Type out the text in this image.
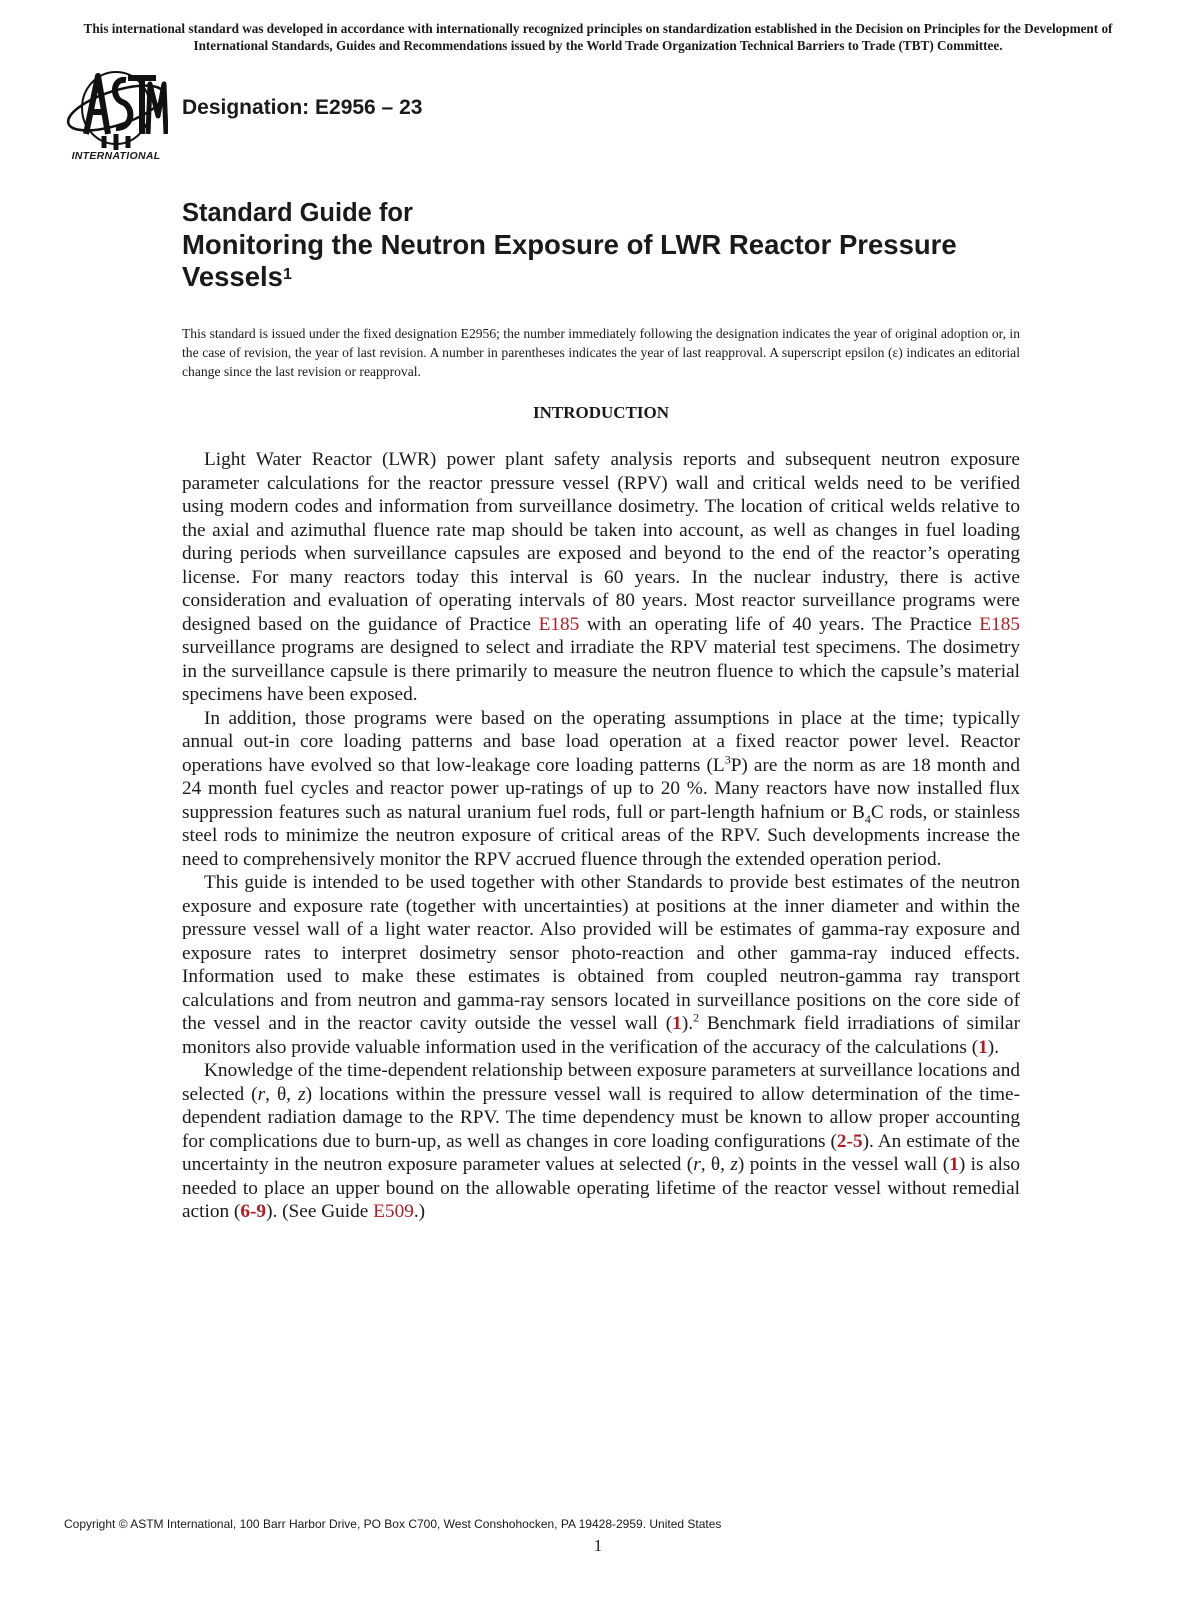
This international standard was developed in accordance with internationally recognized principles on standardization established in the Decision on Principles for the Development of International Standards, Guides and Recommendations issued by the World Trade Organization Technical Barriers to Trade (TBT) Committee.
INTERNATIONAL
Designation: E2956 – 23
Standard Guide for
Monitoring the Neutron Exposure of LWR Reactor Pressure Vessels$^1$
This standard is issued under the fixed designation E2956; the number immediately following the designation indicates the year of original adoption or, in the case of revision, the year of last revision. A number in parentheses indicates the year of last reapproval. A superscript epsilon (ε) indicates an editorial change since the last revision or reapproval.
INTRODUCTION

Light Water Reactor (LWR) power plant safety analysis reports and subsequent neutron exposure parameter calculations for the reactor pressure vessel (RPV) wall and critical welds need to be verified using modern codes and information from surveillance dosimetry. The location of critical welds relative to the axial and azimuthal fluence rate map should be taken into account, as well as changes in fuel loading during periods when surveillance capsules are exposed and beyond to the end of the reactor’s operating license. For many reactors today this interval is 60 years. In the nuclear industry, there is active consideration and evaluation of operating intervals of 80 years. Most reactor surveillance programs were designed based on the guidance of Practice E185 with an operating life of 40 years. The Practice E185 surveillance programs are designed to select and irradiate the RPV material test specimens. The dosimetry in the surveillance capsule is there primarily to measure the neutron fluence to which the capsule’s material specimens have been exposed.

In addition, those programs were based on the operating assumptions in place at the time; typically annual out-in core loading patterns and base load operation at a fixed reactor power level. Reactor operations have evolved so that low-leakage core loading patterns $(L^3P)$ are the norm as are 18 month and 24 month fuel cycles and reactor power up-ratings of up to 20 %. Many reactors have now installed flux suppression features such as natural uranium fuel rods, full or part-length hafnium or $B_4C$ rods, or stainless steel rods to minimize the neutron exposure of critical areas of the RPV. Such developments increase the need to comprehensively monitor the RPV accrued fluence through the extended operation period.

This guide is intended to be used together with other Standards to provide best estimates of the neutron exposure and exposure rate (together with uncertainties) at positions at the inner diameter and within the pressure vessel wall of a light water reactor. Also provided will be estimates of gamma-ray exposure and exposure rates to interpret dosimetry sensor photo-reaction and other gamma-ray induced effects. Information used to make these estimates is obtained from coupled neutron-gamma ray transport calculations and from neutron and gamma-ray sensors located in surveillance positions on the core side of the vessel and in the reactor cavity outside the vessel wall (1).$^2$ Benchmark field irradiations of similar monitors also provide valuable information used in the verification of the accuracy of the calculations (1).

Knowledge of the time-dependent relationship between exposure parameters at surveillance locations and selected (r, θ, z) locations within the pressure vessel wall is required to allow determination of the time-dependent radiation damage to the RPV. The time dependency must be known to allow proper accounting for complications due to burn-up, as well as changes in core loading configurations (2-5). An estimate of the uncertainty in the neutron exposure parameter values at selected (r, θ, z) points in the vessel wall (1) is also needed to place an upper bound on the allowable operating lifetime of the reactor vessel without remedial action (6-9). (See Guide E509.)

Copyright © ASTM International, 100 Barr Harbor Drive, PO Box C700, West Conshohocken, PA 19428-2959. United States
1
